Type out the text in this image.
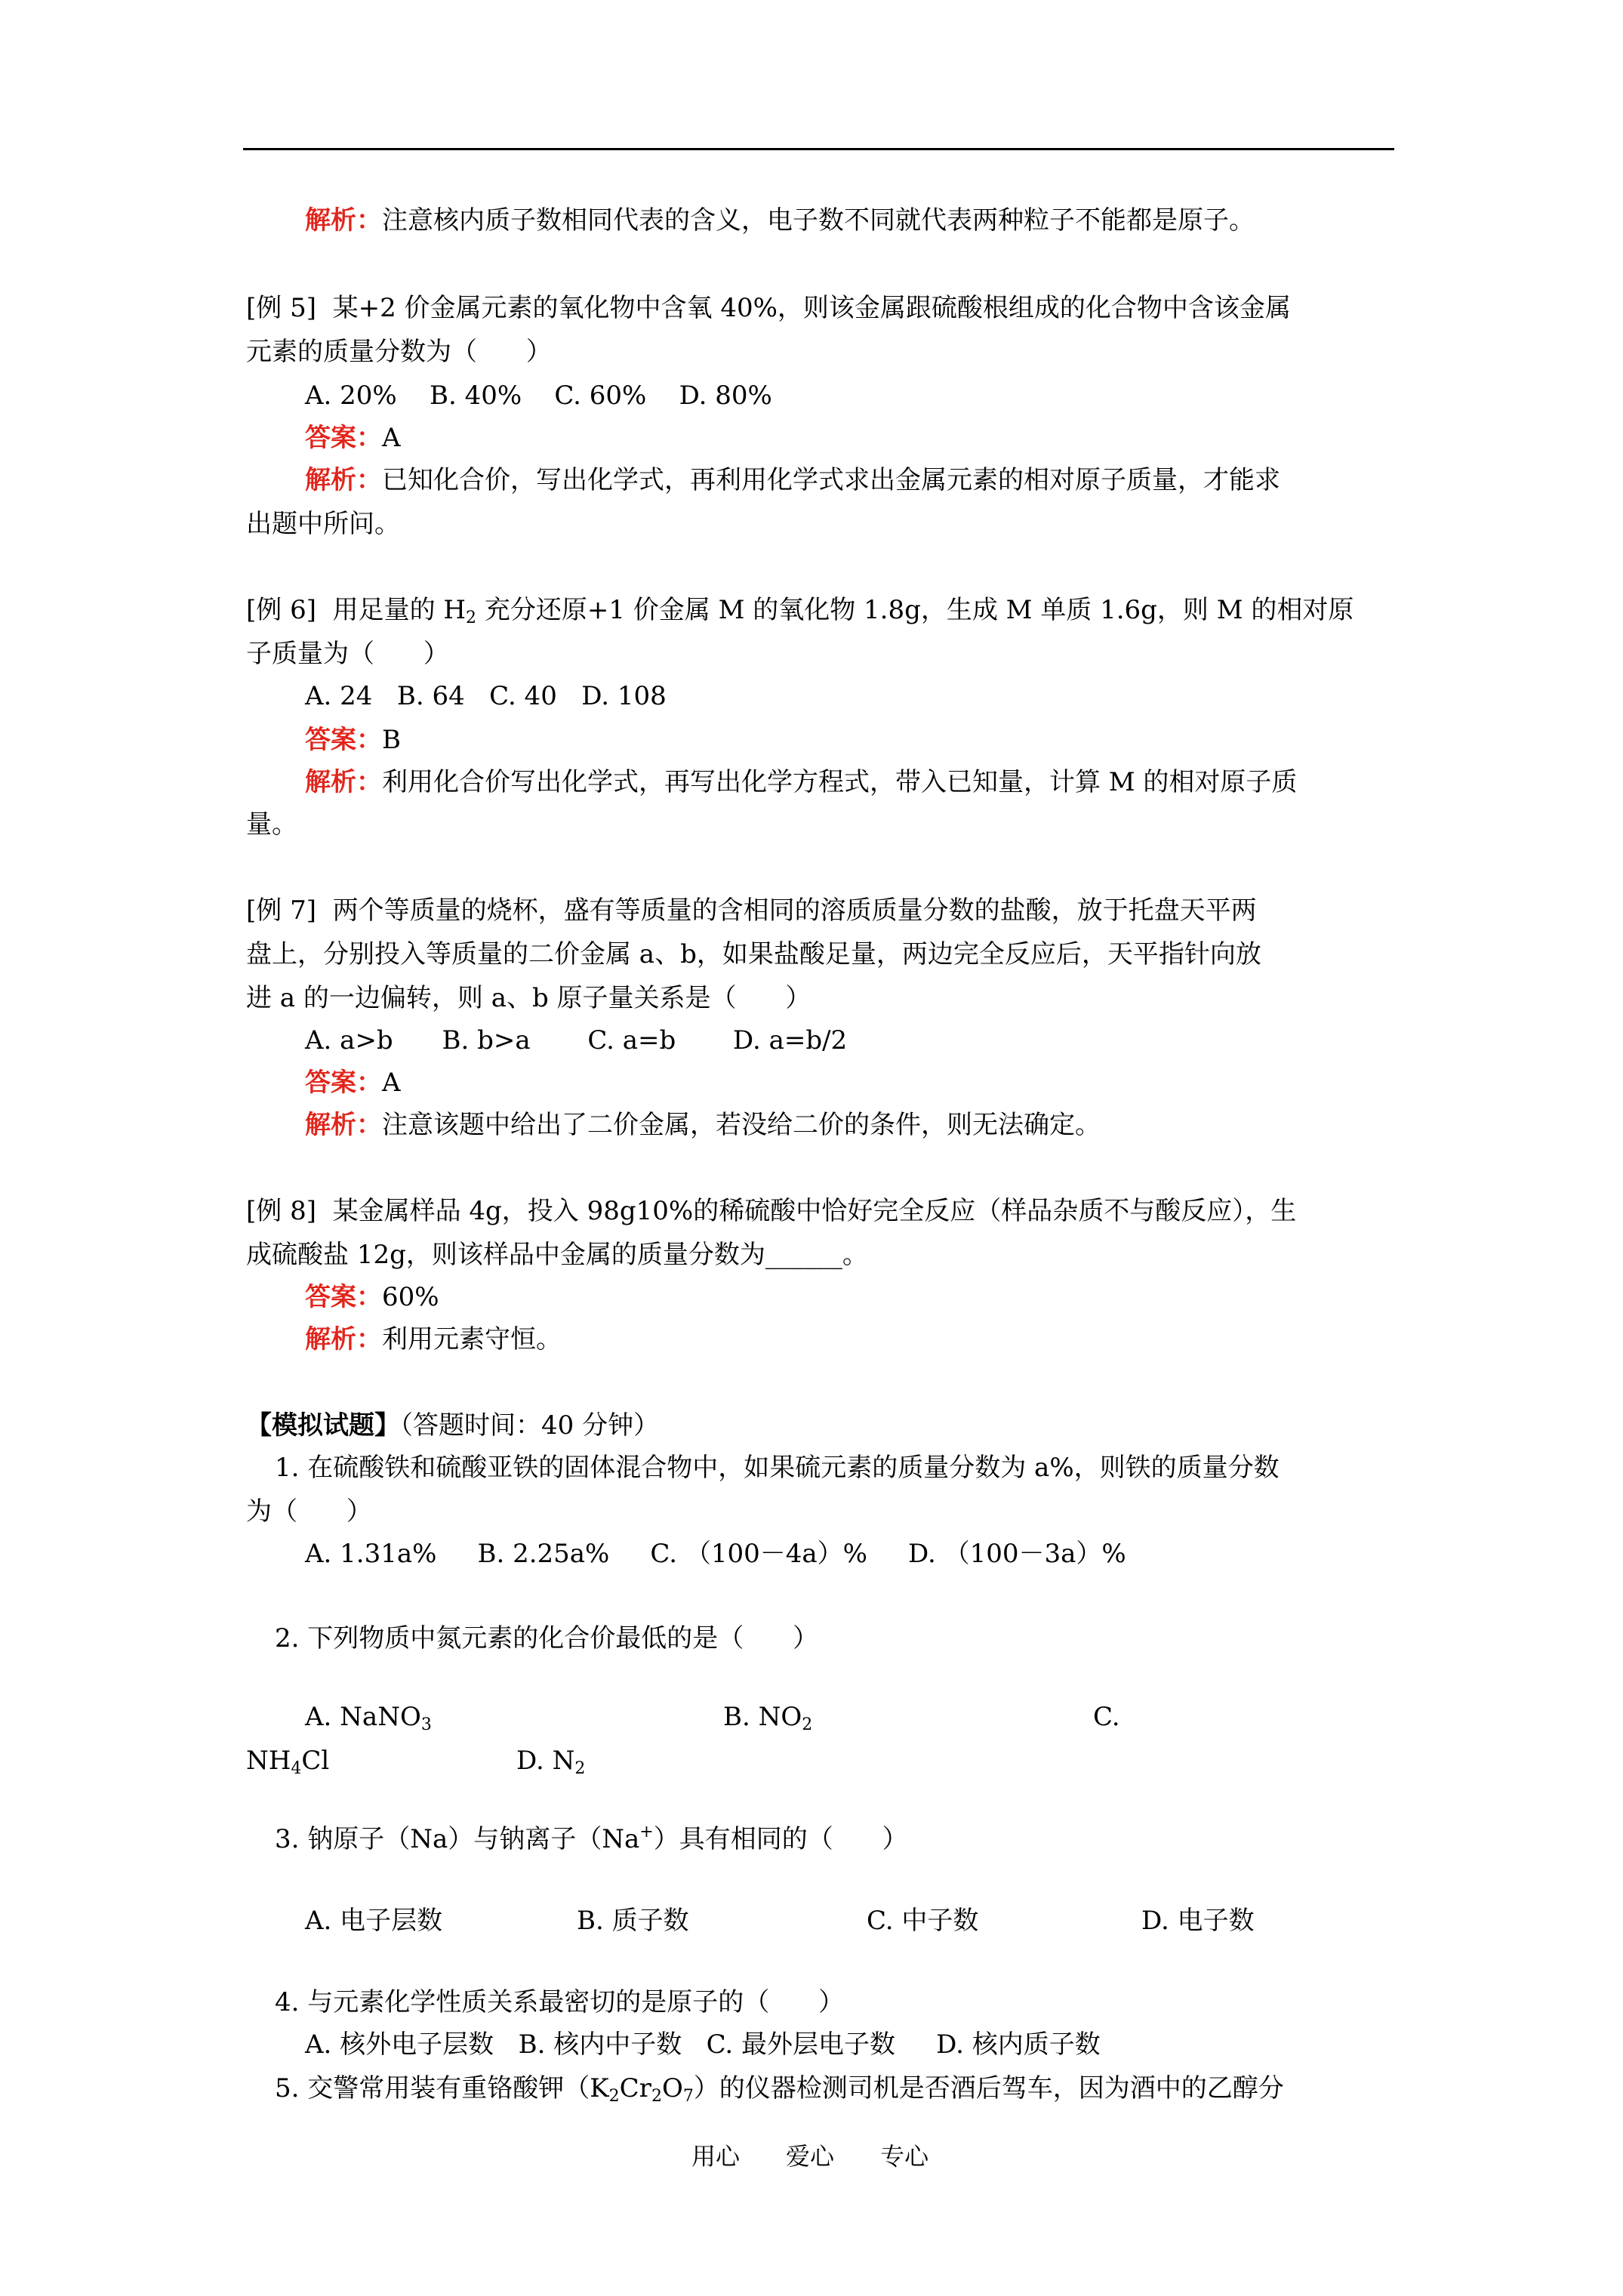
解析：注意核内质子数相同代表的含义，电子数不同就代表两种粒子不能都是原子。
[例 5]  某+2 价金属元素的氧化物中含氧 40%，则该金属跟硫酸根组成的化合物中含该金属
元素的质量分数为（      ）
A. 20%    B. 40%    C. 60%    D. 80%
答案：A
解析：已知化合价，写出化学式，再利用化学式求出金属元素的相对原子质量，才能求
出题中所问。
[例 6]  用足量的 $H_2$ 充分还原+1 价金属 M 的氧化物 1.8g，生成 M 单质 1.6g，则 M 的相对原
子质量为（      ）
A. 24   B. 64   C. 40   D. 108
答案：B
解析：利用化合价写出化学式，再写出化学方程式，带入已知量，计算 M 的相对原子质
量。
[例 7]  两个等质量的烧杯，盛有等质量的含相同的溶质质量分数的盐酸，放于托盘天平两
盘上，分别投入等质量的二价金属 a、b，如果盐酸足量，两边完全反应后，天平指针向放
进 a 的一边偏转，则 a、b 原子量关系是（      ）
A. a>b      B. b>a       C. a=b       D. a=b/2
答案：A
解析：注意该题中给出了二价金属，若没给二价的条件，则无法确定。
[例 8]  某金属样品 4g，投入 98g10%的稀硫酸中恰好完全反应（样品杂质不与酸反应），生
成硫酸盐 12g，则该样品中金属的质量分数为______。
答案：60%
解析：利用元素守恒。
【模拟试题】（答题时间：40 分钟）
1. 在硫酸铁和硫酸亚铁的固体混合物中，如果硫元素的质量分数为 a%，则铁的质量分数
为（      ）
A. 1.31a%     B. 2.25a%     C. （100－4a）%     D. （100－3a）%
2. 下列物质中氮元素的化合价最低的是（      ）
A. NaNO$_3$	B. $NO_2$	C.
$NH_4Cl$	D. $N_2$
3. 钠原子（Na）与钠离子（Na+）具有相同的（      ）
A. 电子层数	B. 质子数	C. 中子数	D. 电子数
4. 与元素化学性质关系最密切的是原子的（      ）
A. 核外电子层数   B. 核内中子数   C. 最外层电子数     D. 核内质子数
5. 交警常用装有重铬酸钾$(K_2Cr_2O_7)$的仪器检测司机是否酒后驾车，因为酒中的乙醇分
用心      爱心      专心
